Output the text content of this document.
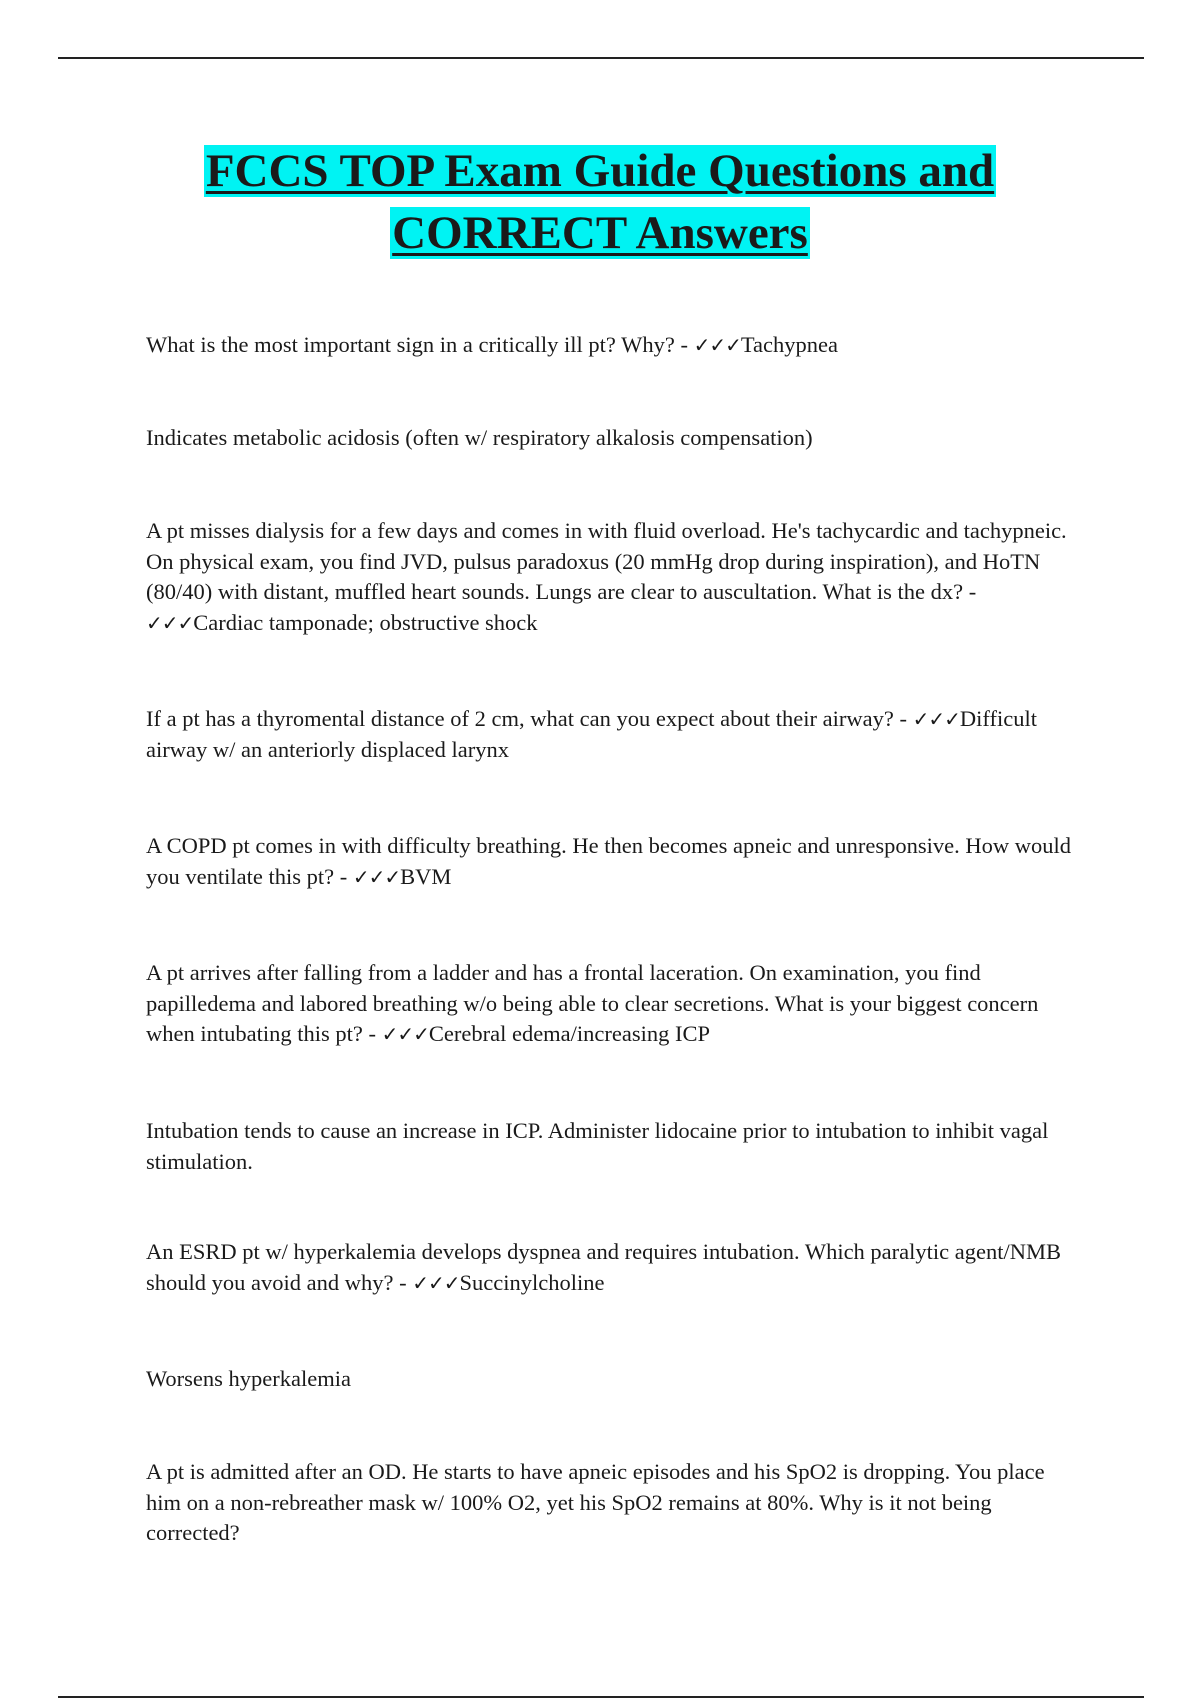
FCCS TOP Exam Guide Questions and
CORRECT Answers

What is the most important sign in a critically ill pt? Why? - ✓✓✓Tachypnea

Indicates metabolic acidosis (often w/ respiratory alkalosis compensation)

A pt misses dialysis for a few days and comes in with fluid overload. He's tachycardic and tachypneic. On physical exam, you find JVD, pulsus paradoxus (20 mmHg drop during inspiration), and HoTN (80/40) with distant, muffled heart sounds. Lungs are clear to auscultation. What is the dx? - ✓✓✓Cardiac tamponade; obstructive shock

If a pt has a thyromental distance of 2 cm, what can you expect about their airway? - ✓✓✓Difficult airway w/ an anteriorly displaced larynx

A COPD pt comes in with difficulty breathing. He then becomes apneic and unresponsive. How would you ventilate this pt? - ✓✓✓BVM

A pt arrives after falling from a ladder and has a frontal laceration. On examination, you find papilledema and labored breathing w/o being able to clear secretions. What is your biggest concern when intubating this pt? - ✓✓✓Cerebral edema/increasing ICP

Intubation tends to cause an increase in ICP. Administer lidocaine prior to intubation to inhibit vagal stimulation.

An ESRD pt w/ hyperkalemia develops dyspnea and requires intubation. Which paralytic agent/NMB should you avoid and why? - ✓✓✓Succinylcholine

Worsens hyperkalemia

A pt is admitted after an OD. He starts to have apneic episodes and his SpO2 is dropping. You place him on a non-rebreather mask w/ 100% O2, yet his SpO2 remains at 80%. Why is it not being corrected?
